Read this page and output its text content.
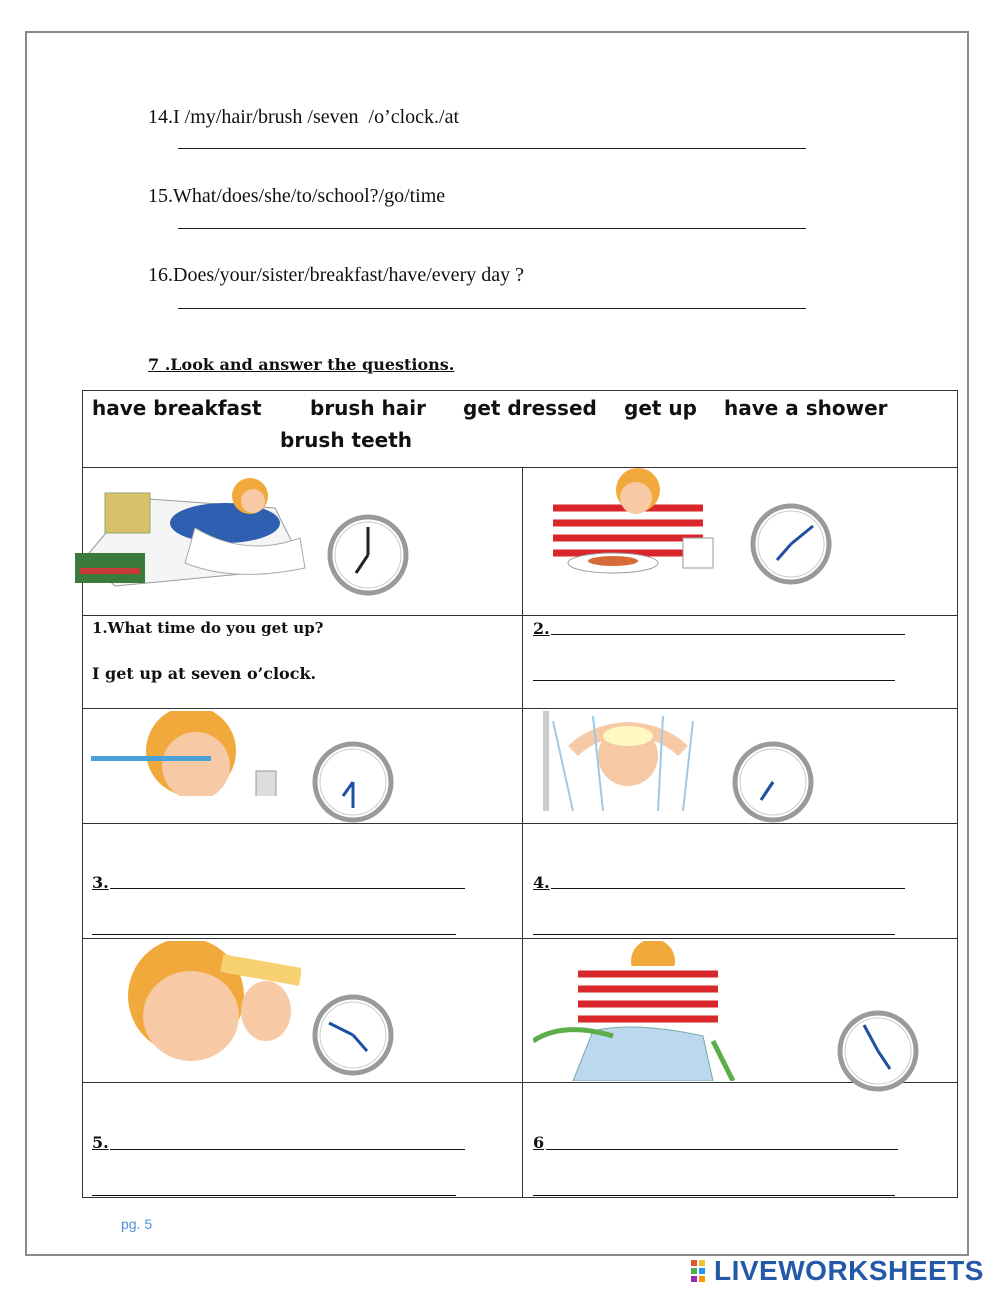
14.I /my/hair/brush /seven  /o’clock./at
15.What/does/she/to/school?/go/time
16.Does/your/sister/breakfast/have/every day ?
7 .Look and answer the questions.
have breakfast brush hair get dressed get up have a shower
brush teeth
1.What time do you get up?
I get up at seven o’clock.
2.
3.	4.
5.	6
pg. 5
LIVEWORKSHEETS
